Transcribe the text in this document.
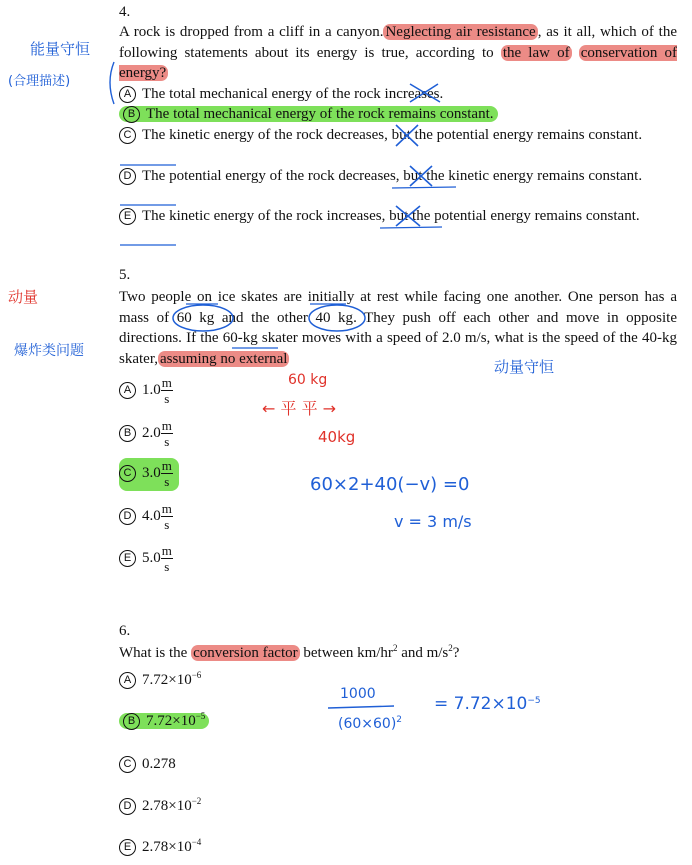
4.
A rock is dropped from a cliff in a canyon. Neglecting air resistance , as it all, which of the following statements about its energy is true, according to the law of conservation of energy?
A The total mechanical energy of the rock increases.
B The total mechanical energy of the rock remains constant.
C The kinetic energy of the rock decreases, but the potential energy remains constant.
D The potential energy of the rock decreases, but the kinetic energy remains constant.
E The kinetic energy of the rock increases, but the potential energy remains constant.
能量守恒
(合理描述)
5.
Two people on ice skates are initially at rest while facing one another. One person has a mass of 60 kg and the other 40 kg. They push off each other and move in opposite directions. If the 60-kg skater moves with a speed of 2.0 m/s, what is the speed of the 40-kg skater, assuming no external
A $1.0 \frac{m}{s}$
B $2.0 \frac{m}{s}$
C $3.0 \frac{m}{s}$
D $4.0 \frac{m}{s}$
E $5.0 \frac{m}{s}$
动量
爆炸类问题
动量守恒
60 kg
← 平 平 →
40kg
60×2+40(−v) =0
v = 3 m/s
6.
What is the conversion factor between $km/hr^2$ and $m/s^2$?
A $7.72\times 10^{-6}$
B $7.72\times 10^{-5}$
C 0.278
D $2.78\times 10^{-2}$
E $2.78\times 10^{-4}$
1000
$(60\times 60)^2$
= $7.72\times 10^{-5}$
